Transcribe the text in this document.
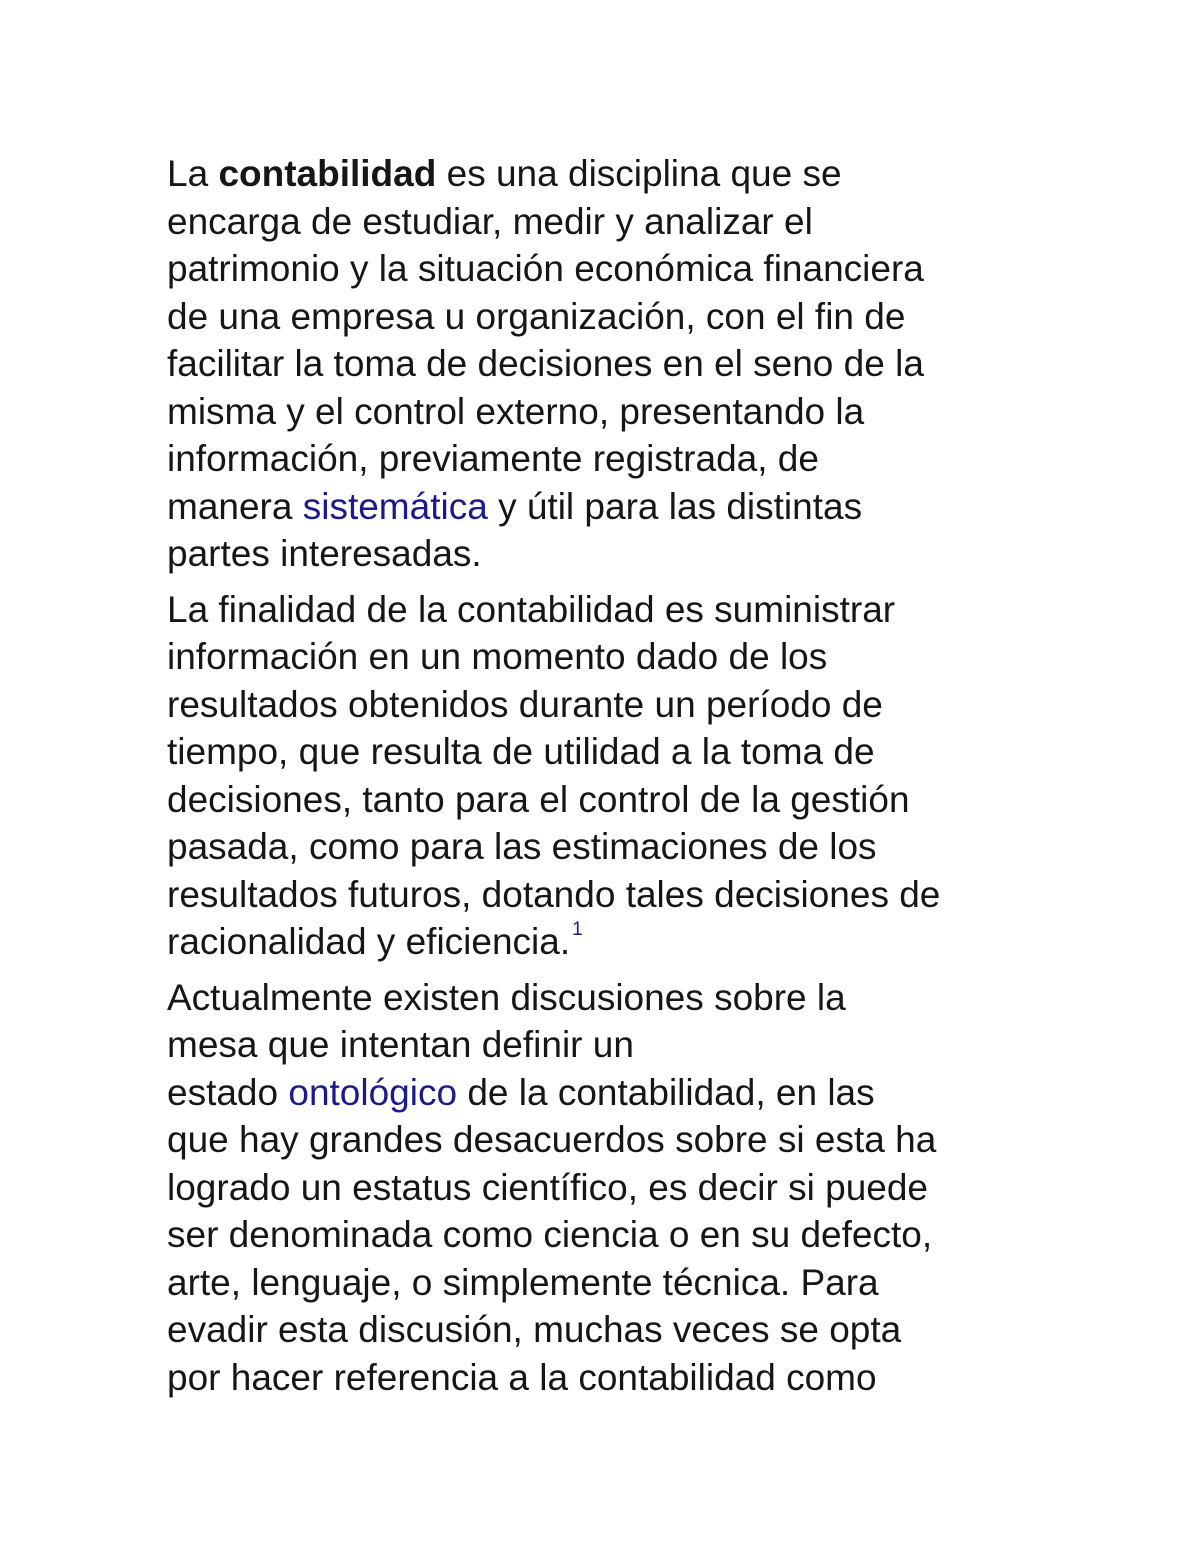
La contabilidad es una disciplina que se
encarga de estudiar, medir y analizar el
patrimonio y la situación económica financiera
de una empresa u organización, con el fin de
facilitar la toma de decisiones en el seno de la
misma y el control externo, presentando la
información, previamente registrada, de
manera sistemática y útil para las distintas
partes interesadas.

La finalidad de la contabilidad es suministrar
información en un momento dado de los
resultados obtenidos durante un período de
tiempo, que resulta de utilidad a la toma de
decisiones, tanto para el control de la gestión
pasada, como para las estimaciones de los
resultados futuros, dotando tales decisiones de
racionalidad y eficiencia. $^1$

Actualmente existen discusiones sobre la
mesa que intentan definir un
estado ontológico de la contabilidad, en las
que hay grandes desacuerdos sobre si esta ha
logrado un estatus científico, es decir si puede
ser denominada como ciencia o en su defecto,
arte, lenguaje, o simplemente técnica. Para
evadir esta discusión, muchas veces se opta
por hacer referencia a la contabilidad como
